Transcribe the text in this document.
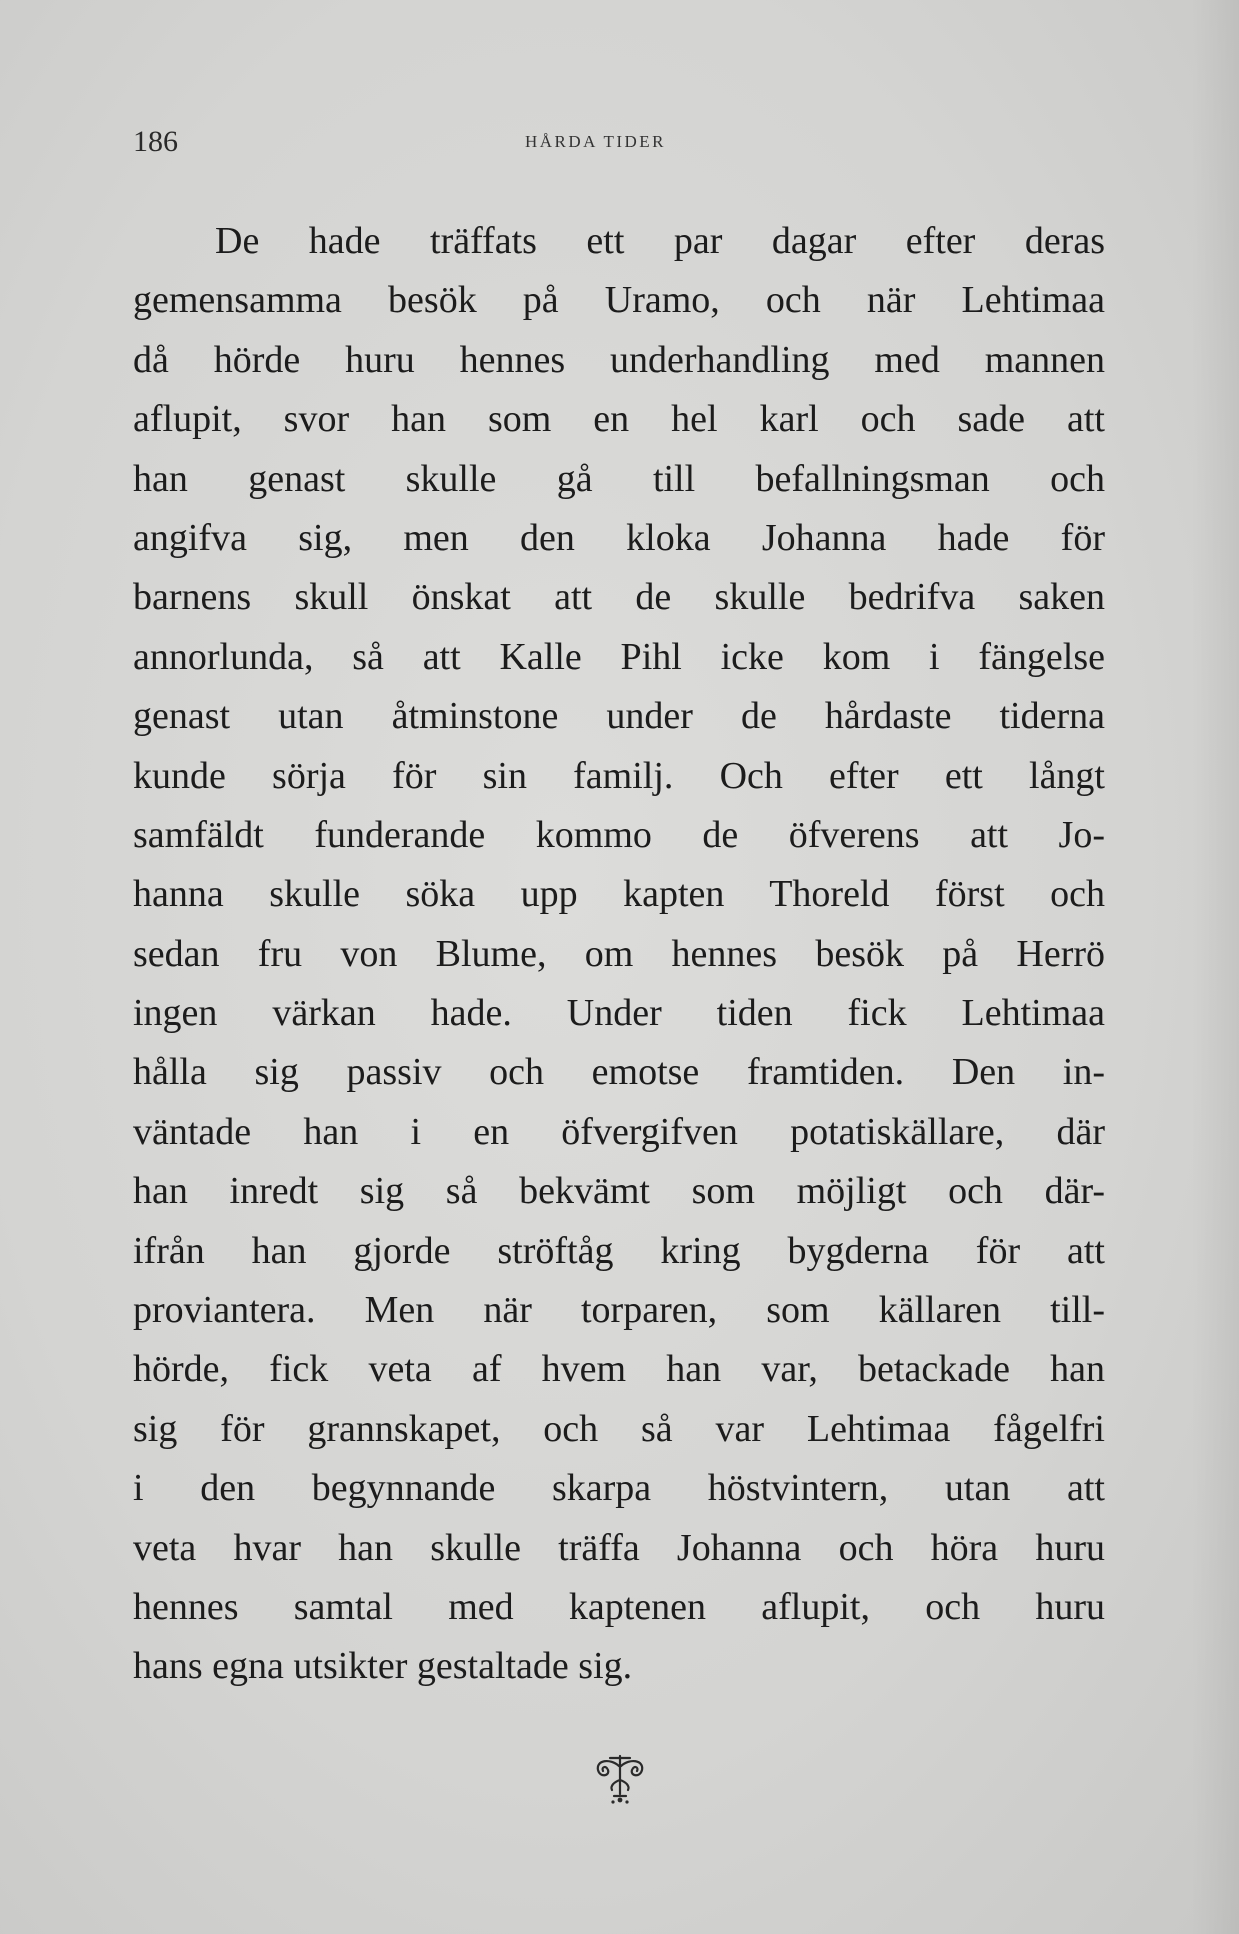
186	HÅRDA TIDER
De hade träffats ett par dagar efter deras
gemensamma besök på Uramo, och när Lehtimaa
då hörde huru hennes underhandling med mannen
aflupit, svor han som en hel karl och sade att
han genast skulle gå till befallningsman och
angifva sig, men den kloka Johanna hade för
barnens skull önskat att de skulle bedrifva saken
annorlunda, så att Kalle Pihl icke kom i fängelse
genast utan åtminstone under de hårdaste tiderna
kunde sörja för sin familj. Och efter ett långt
samfäldt funderande kommo de öfverens att Jo-
hanna skulle söka upp kapten Thoreld först och
sedan fru von Blume, om hennes besök på Herrö
ingen värkan hade. Under tiden fick Lehtimaa
hålla sig passiv och emotse framtiden. Den in-
väntade han i en öfvergifven potatiskällare, där
han inredt sig så bekvämt som möjligt och där-
ifrån han gjorde ströftåg kring bygderna för att
proviantera. Men när torparen, som källaren till-
hörde, fick veta af hvem han var, betackade han
sig för grannskapet, och så var Lehtimaa fågelfri
i den begynnande skarpa höstvintern, utan att
veta hvar han skulle träffa Johanna och höra huru
hennes samtal med kaptenen aflupit, och huru
hans egna utsikter gestaltade sig.
